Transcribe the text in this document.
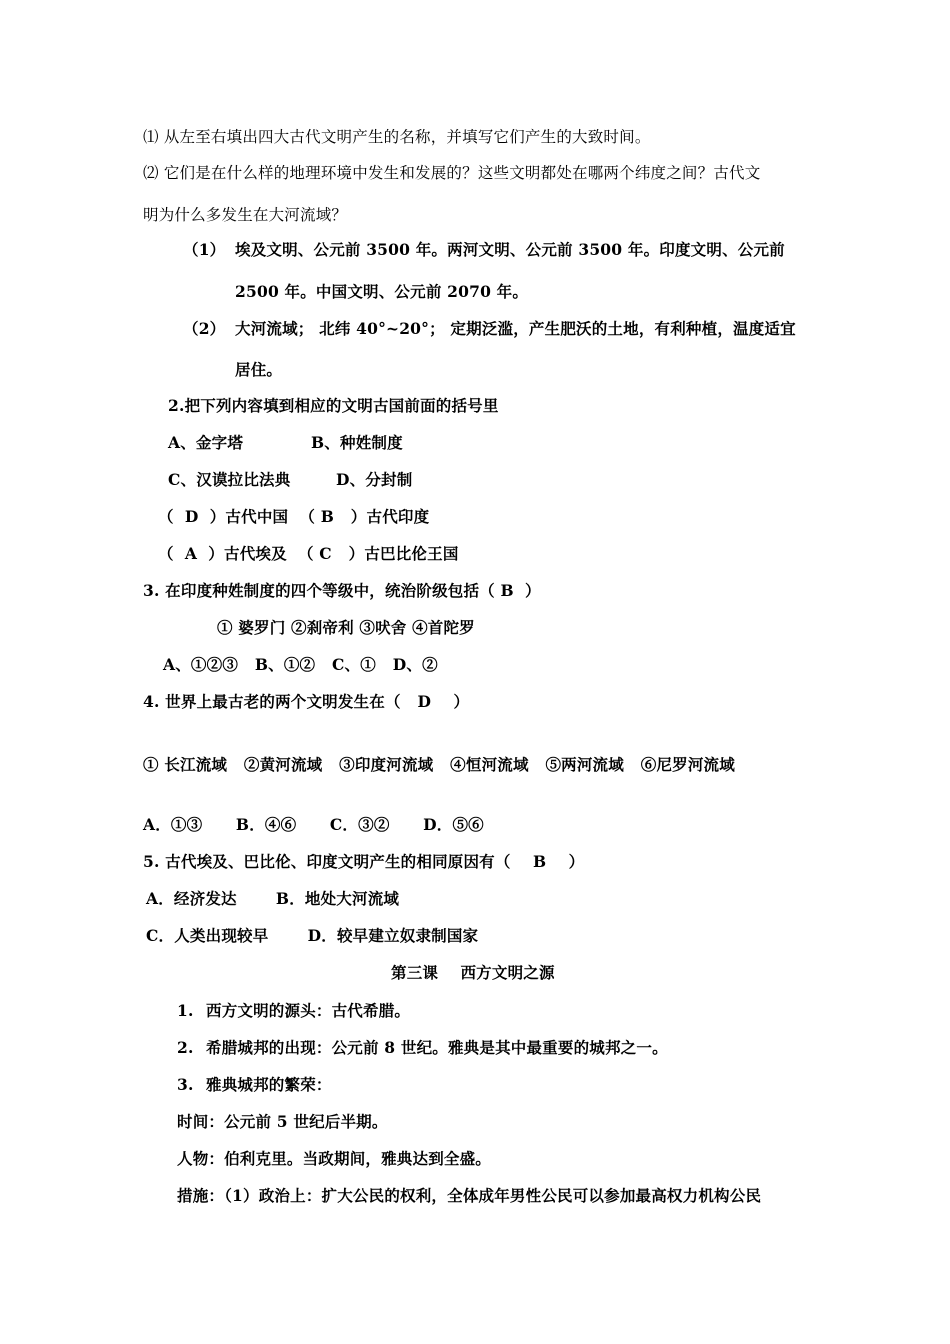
⑴ 从左至右填出四大古代文明产生的名称，并填写它们产生的大致时间。
⑵ 它们是在什么样的地理环境中发生和发展的？这些文明都处在哪两个纬度之间？古代文
明为什么多发生在大河流域？
（1） 埃及文明、公元前 3500 年。两河文明、公元前 3500 年。印度文明、公元前
2500 年。中国文明、公元前 2070 年。
（2） 大河流域； 北纬 40°~20°； 定期泛滥，产生肥沃的土地，有利种植，温度适宜
居住。
2.把下列内容填到相应的文明古国前面的括号里
A、金字塔	B、种姓制度
C、汉谟拉比法典	D、分封制
（  D  ）古代中国  （ B   ）古代印度
（  A  ）古代埃及  （ C   ）古巴比伦王国
3. 在印度种姓制度的四个等级中，统治阶级包括（ B  ）
① 婆罗门 ②刹帝利 ③吠舍 ④首陀罗
A、①②③   B、①②   C、①   D、②
4. 世界上最古老的两个文明发生在（   D    ）
① 长江流域   ②黄河流域   ③印度河流域   ④恒河流域   ⑤两河流域   ⑥尼罗河流域
A．①③      B．④⑥      C．③②      D．⑤⑥
5. 古代埃及、巴比伦、印度文明产生的相同原因有（    B    ）
A．经济发达       B．地处大河流域
C．人类出现较早       D．较早建立奴隶制国家
第三课    西方文明之源
1. 西方文明的源头：古代希腊。
2. 希腊城邦的出现：公元前 8 世纪。雅典是其中最重要的城邦之一。
3. 雅典城邦的繁荣：
时间：公元前 5 世纪后半期。
人物：伯利克里。当政期间，雅典达到全盛。
措施：（1）政治上：扩大公民的权利，全体成年男性公民可以参加最高权力机构公民
